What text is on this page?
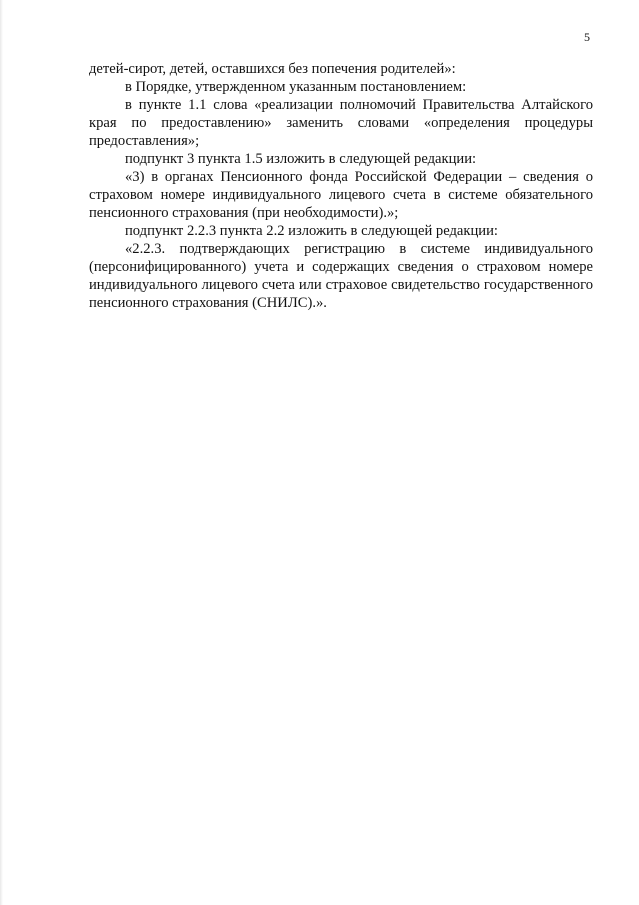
5

детей-сирот, детей, оставшихся без попечения родителей»:

в Порядке, утвержденном указанным постановлением:

в пункте 1.1 слова «реализации полномочий Правительства Алтайского края по предоставлению» заменить словами «определения процедуры предоставления»;

подпункт 3 пункта 1.5 изложить в следующей редакции:

«3) в органах Пенсионного фонда Российской Федерации – сведения о страховом номере индивидуального лицевого счета в системе обязательного пенсионного страхования (при необходимости).»;

подпункт 2.2.3 пункта 2.2 изложить в следующей редакции:

«2.2.3. подтверждающих регистрацию в системе индивидуального (персонифицированного) учета и содержащих сведения о страховом номере индивидуального лицевого счета или страховое свидетельство государственного пенсионного страхования (СНИЛС).».
